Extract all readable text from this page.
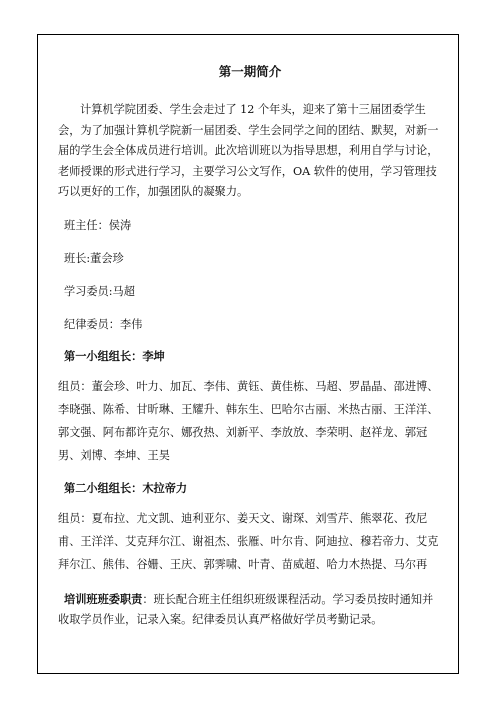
第一期简介

计算机学院团委、学生会走过了 12 个年头，迎来了第十三届团委学生会，为了加强计算机学院新一届团委、学生会同学之间的团结、默契，对新一届的学生会全体成员进行培训。此次培训班以为指导思想，利用自学与讨论，老师授课的形式进行学习，主要学习公文写作，OA 软件的使用，学习管理技巧以更好的工作，加强团队的凝聚力。

班主任：侯涛

班长:董会珍

学习委员:马超

纪律委员：李伟

第一小组组长：李坤

组员：董会珍、叶力、加瓦、李伟、黄钰、黄佳栋、马超、罗晶晶、邵进博、李晓强、陈希、甘昕琳、王耀升、韩东生、巴哈尔古丽、米热古丽、王洋洋、郭文强、阿布都许克尔、娜孜热、刘新平、李放放、李荣明、赵祥龙、郭冠男、刘博、李坤、王昊

第二小组组长：木拉帝力

组员：夏布拉、尤文凯、迪利亚尔、姜天文、谢琛、刘雪芹、熊翠花、孜尼甫、王洋洋、艾克拜尔江、谢祖杰、张雁、叶尔肯、阿迪拉、穆若帝力、艾克拜尔江、熊伟、谷姗、王庆、郭霁啸、叶青、苗威超、哈力木热提、马尔再

培训班班委职责：班长配合班主任组织班级课程活动。学习委员按时通知并收取学员作业，记录入案。纪律委员认真严格做好学员考勤记录。
